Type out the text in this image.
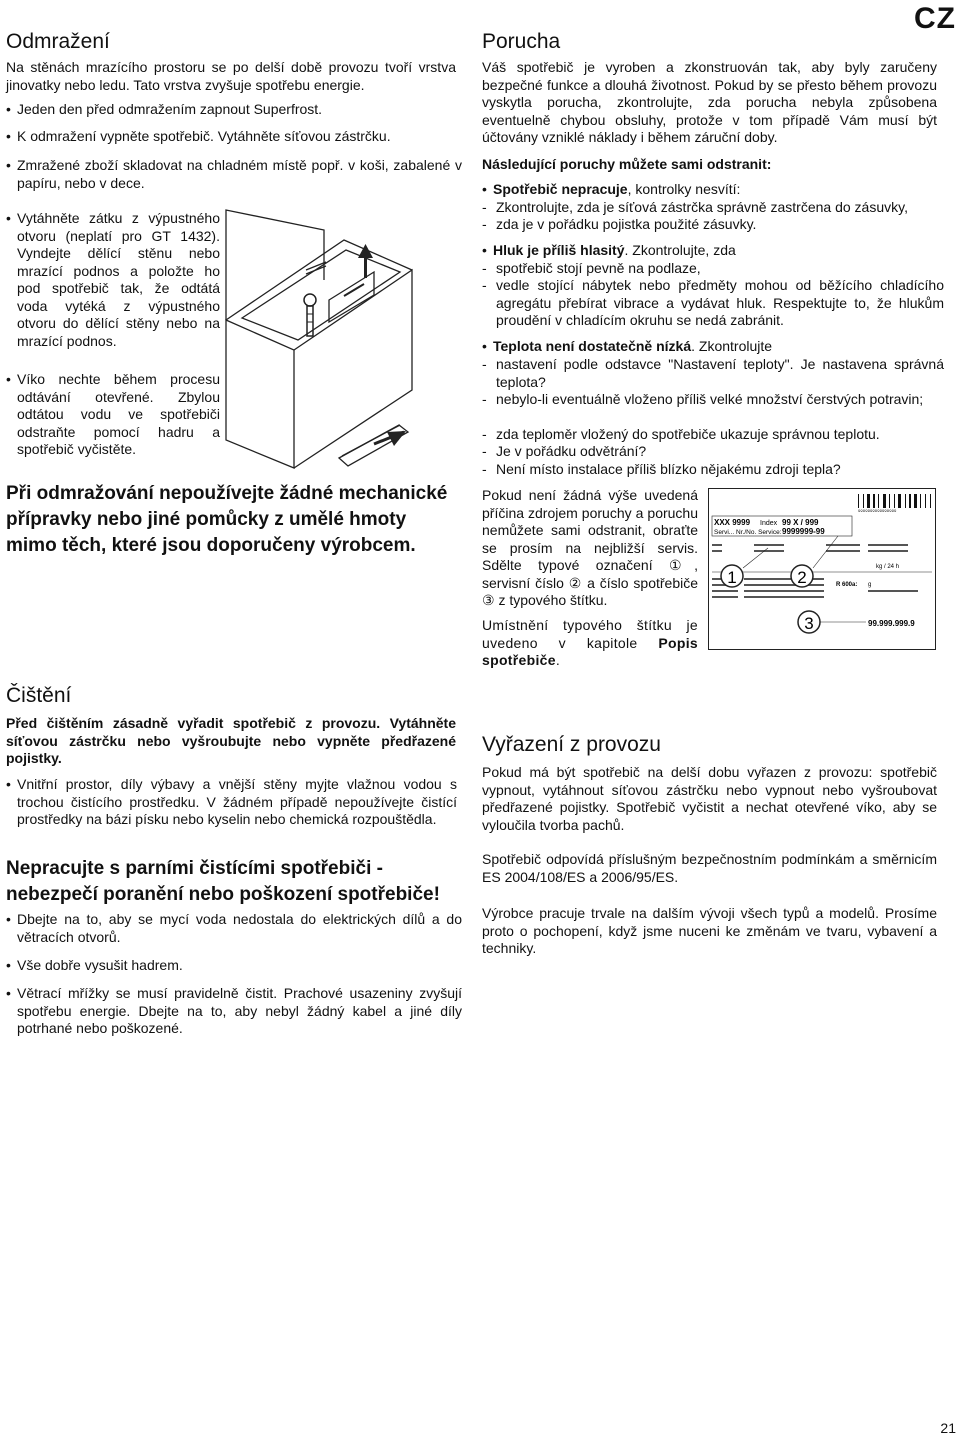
CZ
Odmražení

Na stěnách mrazícího prostoru se po delší době provozu tvoří vrstva jinovatky nebo ledu. Tato vrstva zvyšuje spotřebu energie.

• Jeden den před odmražením zapnout Superfrost.
• K odmražení vypněte spotřebič. Vytáhněte síťovou zástrčku.
• Zmražené zboží skladovat na chladném místě popř. v koši, zabalené v papíru, nebo v dece.
• Vytáhněte zátku z výpustného otvoru (neplatí pro GT 1432). Vyndejte dělící stěnu nebo mrazící podnos a položte ho pod spotřebič tak, že odtátá voda vytéká z výpustného otvoru do dělící stěny nebo na mrazící podnos.
• Víko nechte během procesu odtávání otevřené. Zbylou odtátou vodu ve spotřebiči odstraňte pomocí hadru a spotřebič vyčistěte.

Při odmražování nepoužívejte žádné mechanické přípravky nebo jiné pomůcky z umělé hmoty mimo těch, které jsou doporučeny výrobcem.

Čištění

Před čištěním zásadně vyřadit spotřebič z provozu. Vytáhněte síťovou zástrčku nebo vyšroubujte nebo vypněte předřazené pojistky.

• Vnitřní prostor, díly výbavy a vnější stěny myjte vlažnou vodou s trochou čistícího prostředku. V žádném případě nepoužívejte čistící prostředky na bázi písku nebo kyselin nebo chemická rozpouštědla.

Nepracujte s parními čistícími spotřebiči - nebezpečí poranění nebo poškození spotřebiče!

• Dbejte na to, aby se mycí voda nedostala do elektrických dílů a do větracích otvorů.
• Vše dobře vysušit hadrem.
• Větrací mřížky se musí pravidelně čistit. Prachové usazeniny zvyšují spotřebu energie. Dbejte na to, aby nebyl žádný kabel a jiné díly potrhané nebo poškozené.
Porucha

Váš spotřebič je vyroben a zkonstruován tak, aby byly zaručeny bezpečné funkce a dlouhá životnost. Pokud by se přesto během provozu vyskytla porucha, zkontrolujte, zda porucha nebyla způsobena eventuelně chybou obsluhy, protože v tom případě Vám musí být účtovány vzniklé náklady i během záruční doby.

Následující poruchy můžete sami odstranit:

• Spotřebič nepracuje, kontrolky nesvítí:
- Zkontrolujte, zda je síťová zástrčka správně zastrčena do zásuvky,
- zda je v pořádku pojistka použité zásuvky.
• Hluk je příliš hlasitý. Zkontrolujte, zda
- spotřebič stojí pevně na podlaze,
- vedle stojící nábytek nebo předměty mohou od běžícího chladícího agregátu přebírat vibrace a vydávat hluk. Respektujte to, že hlukům proudění v chladícím okruhu se nedá zabránit.
• Teplota není dostatečně nízká. Zkontrolujte
- nastavení podle odstavce "Nastavení teploty". Je nastavena správná teplota?
- nebylo-li eventuálně vloženo příliš velké množství čerstvých potravin;
- zda teploměr vložený do spotřebiče ukazuje správnou teplotu.
- Je v pořádku odvětrání?
- Není místo instalace příliš blízko nějakému zdroji tepla?

Pokud není žádná výše uvedená příčina zdrojem poruchy a poruchu nemůžete sami odstranit, obraťte se prosím na nejbližší servis. Sdělte typové označení ①, servisní číslo ② a číslo spotřebiče ③ z typového štítku.

Umístnění typového štítku je uvedeno v kapitole Popis spotřebiče.

9999999999999999
XXX 9999 Index 99 X / 999
Servi... Nr./No. Service: 9999999-99
kg / 24 h
R 600a: g
99.999.999.9
1	2
3
Vyřazení z provozu

Pokud má být spotřebič na delší dobu vyřazen z provozu: spotřebič vypnout, vytáhnout síťovou zástrčku nebo vypnout nebo vyšroubovat předřazené pojistky. Spotřebič vyčistit a nechat otevřené víko, aby se vyloučila tvorba pachů.

Spotřebič odpovídá příslušným bezpečnostním podmínkám a směrnicím ES 2004/108/ES a 2006/95/ES.

Výrobce pracuje trvale na dalším vývoji všech typů a modelů. Prosíme proto o pochopení, když jsme nuceni ke změnám ve tvaru, vybavení a techniky.

21
